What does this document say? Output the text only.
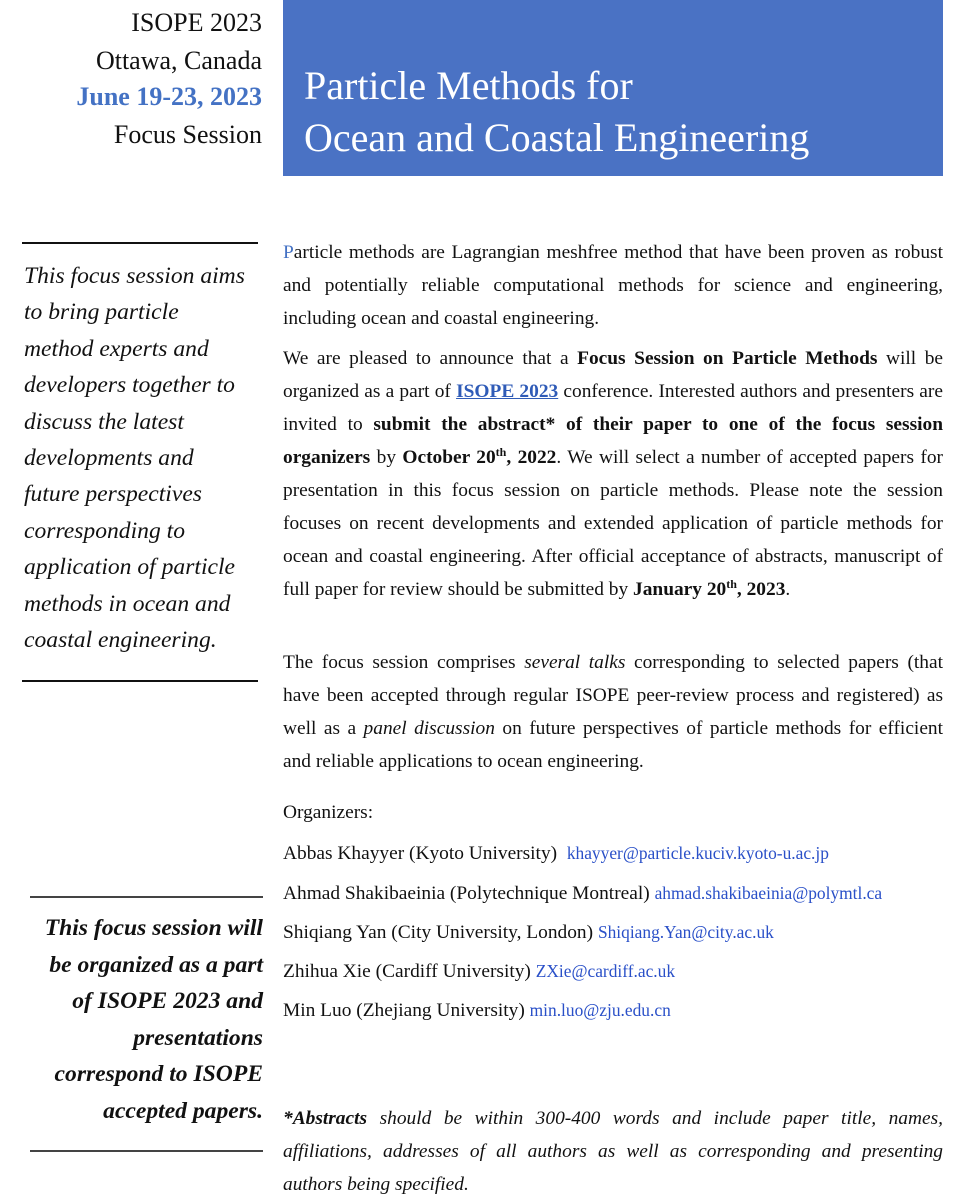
ISOPE 2023
Ottawa, Canada
June 19-23, 2023
Focus Session
Particle Methods for
Ocean and Coastal Engineering
This focus session aims
to bring particle
method experts and
developers together to
discuss the latest
developments and
future perspectives
corresponding to
application of particle
methods in ocean and
coastal engineering.
This focus session will
be organized as a part
of ISOPE 2023 and
presentations
correspond to ISOPE
accepted papers.

Particle methods are Lagrangian meshfree method that have been proven as robust and potentially reliable computational methods for science and engineering, including ocean and coastal engineering.

We are pleased to announce that a Focus Session on Particle Methods will be organized as a part of ISOPE 2023 conference. Interested authors and presenters are invited to submit the abstract* of their paper to one of the focus session organizers by October 20th, 2022. We will select a number of accepted papers for presentation in this focus session on particle methods. Please note the session focuses on recent developments and extended application of particle methods for ocean and coastal engineering. After official acceptance of abstracts, manuscript of full paper for review should be submitted by January 20th, 2023.

The focus session comprises several talks corresponding to selected papers (that have been accepted through regular ISOPE peer-review process and registered) as well as a panel discussion on future perspectives of particle methods for efficient and reliable applications to ocean engineering.

Organizers:
Abbas Khayyer (Kyoto University) khayyer@particle.kuciv.kyoto-u.ac.jp
Ahmad Shakibaeinia (Polytechnique Montreal) ahmad.shakibaeinia@polymtl.ca
Shiqiang Yan (City University, London) Shiqiang.Yan@city.ac.uk
Zhihua Xie (Cardiff University) ZXie@cardiff.ac.uk
Min Luo (Zhejiang University) min.luo@zju.edu.cn

*Abstracts should be within 300-400 words and include paper title, names, affiliations, addresses of all authors as well as corresponding and presenting authors being specified.
